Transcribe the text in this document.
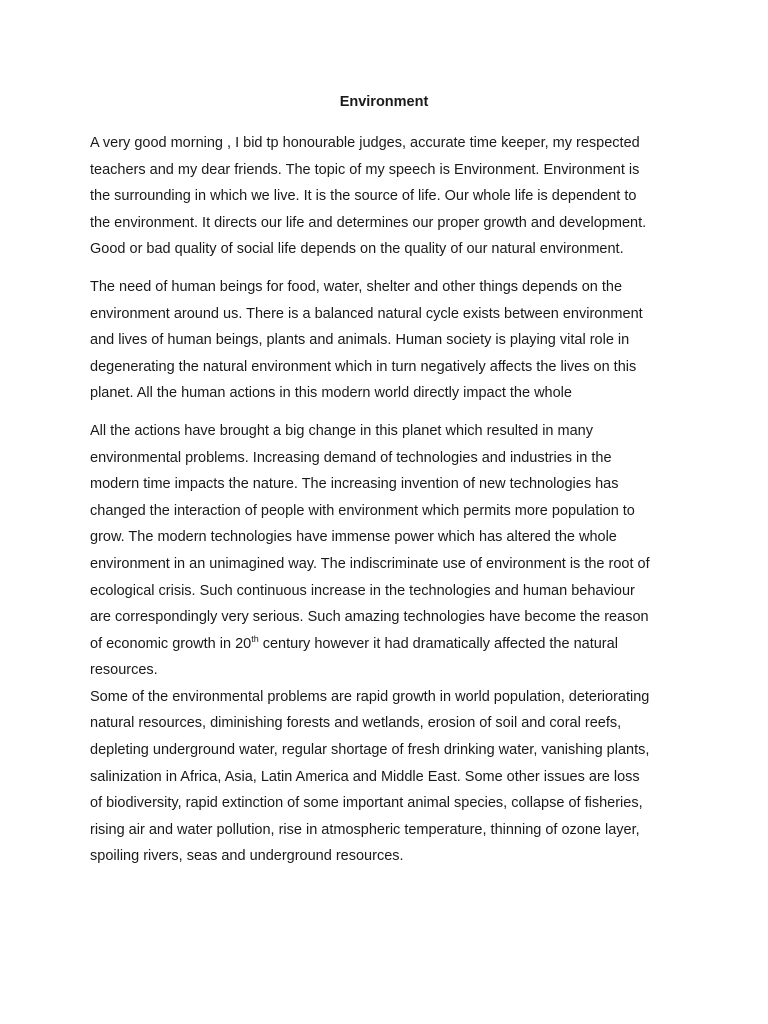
Environment

A very good morning , I bid tp honourable judges, accurate time keeper, my respected
teachers and my dear friends. The topic of my speech is Environment. Environment is
the surrounding in which we live. It is the source of life. Our whole life is dependent to
the environment. It directs our life and determines our proper growth and development.
Good or bad quality of social life depends on the quality of our natural environment.

The need of human beings for food, water, shelter and other things depends on the
environment around us. There is a balanced natural cycle exists between environment
and lives of human beings, plants and animals. Human society is playing vital role in
degenerating the natural environment which in turn negatively affects the lives on this
planet. All the human actions in this modern world directly impact the whole

All the actions have brought a big change in this planet which resulted in many
environmental problems. Increasing demand of technologies and industries in the
modern time impacts the nature. The increasing invention of new technologies has
changed the interaction of people with environment which permits more population to
grow. The modern technologies have immense power which has altered the whole
environment in an unimagined way. The indiscriminate use of environment is the root of
ecological crisis. Such continuous increase in the technologies and human behaviour
are correspondingly very serious. Such amazing technologies have become the reason
of economic growth in 20th century however it had dramatically affected the natural
resources.

Some of the environmental problems are rapid growth in world population, deteriorating
natural resources, diminishing forests and wetlands, erosion of soil and coral reefs,
depleting underground water, regular shortage of fresh drinking water, vanishing plants,
salinization in Africa, Asia, Latin America and Middle East. Some other issues are loss
of biodiversity, rapid extinction of some important animal species, collapse of fisheries,
rising air and water pollution, rise in atmospheric temperature, thinning of ozone layer,
spoiling rivers, seas and underground resources.
